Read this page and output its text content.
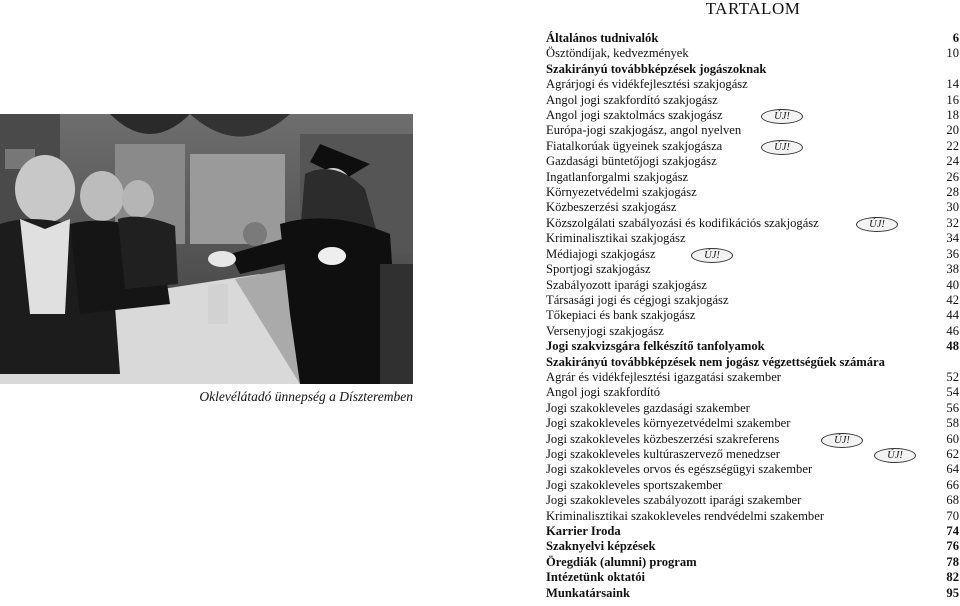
Oklevélátadó ünnepség a Díszteremben
TARTALOM
Általános tudnivalók	6
Ösztöndíjak, kedvezmények	10
Szakirányú továbbképzések jogászoknak
Agrárjogi és vidékfejlesztési szakjogász	14
Angol jogi szakfordító szakjogász	16
Angol jogi szaktolmács szakjogász	ÚJ!	18
Európa-jogi szakjogász, angol nyelven	20
Fiatalkorúak ügyeinek szakjogásza	ÚJ!	22
Gazdasági büntetőjogi szakjogász	24
Ingatlanforgalmi szakjogász	26
Környezetvédelmi szakjogász	28
Közbeszerzési szakjogász	30
Közszolgálati szabályozási és kodifikációs szakjogász	ÚJ!	32
Kriminalisztikai szakjogász	34
Médiajogi szakjogász	ÚJ!	36
Sportjogi szakjogász	38
Szabályozott iparági szakjogász	40
Társasági jogi és cégjogi szakjogász	42
Tőkepiaci és bank szakjogász	44
Versenyjogi szakjogász	46
Jogi szakvizsgára felkészítő tanfolyamok	48
Szakirányú továbbképzések nem jogász végzettségűek számára
Agrár és vidékfejlesztési igazgatási szakember	52
Angol jogi szakfordító	54
Jogi szakokleveles gazdasági szakember	56
Jogi szakokleveles környezetvédelmi szakember	58
Jogi szakokleveles közbeszerzési szakreferens	ÚJ!	60
Jogi szakokleveles kultúraszervező menedzser	ÚJ!	62
Jogi szakokleveles orvos és egészségügyi szakember	64
Jogi szakokleveles sportszakember	66
Jogi szakokleveles szabályozott iparági szakember	68
Kriminalisztikai szakokleveles rendvédelmi szakember	70
Karrier Iroda	74
Szaknyelvi képzések	76
Öregdiák (alumni) program	78
Intézetünk oktatói	82
Munkatársaink	95
